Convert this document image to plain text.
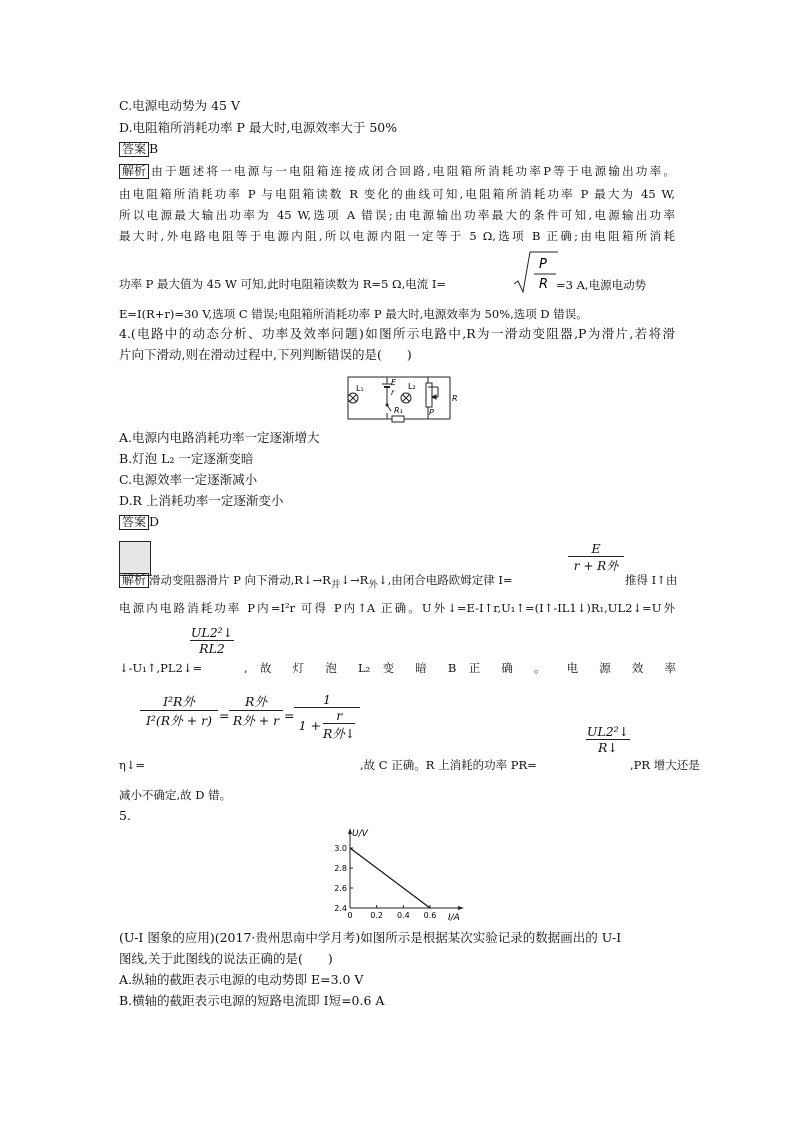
C.电源电动势为 45 V
D.电阻箱所消耗功率 P 最大时,电源效率大于 50%
答案 B
解析 由于题述将一电源与一电阻箱连接成闭合回路,电阻箱所消耗功率P等于电源输出功率。
由电阻箱所消耗功率 P 与电阻箱读数 R 变化的曲线可知,电阻箱所消耗功率 P 最大为 45 W,
所以电源最大输出功率为 45 W,选项 A 错误;由电源输出功率最大的条件可知,电源输出功率
最大时,外电路电阻等于电源内阻,所以电源内阻一定等于 5 Ω,选项 B 正确;由电阻箱所消耗
功率 P 最大值为 45 W 可知,此时电阻箱读数为 R=5 Ω,电流 I=
P
R =3 A,电源电动势
E=I(R+r)=30 V,选项 C 错误;电阻箱所消耗功率 P 最大时,电源效率为 50%,选项 D 错误。
4.(电路中的动态分析、功率及效率问题)如图所示电路中,R为一滑动变阻器,P为滑片,若将滑
片向下滑动,则在滑动过程中,下列判断错误的是(　　)
L₁
E
r
R₁
L₂
P
R
A.电源内电路消耗功率一定逐渐增大
B.灯泡 L₂ 一定逐渐变暗
C.电源效率一定逐渐减小
D.R 上消耗功率一定逐渐变小
答案 D
解析 滑动变阻器滑片 P 向下滑动$,R↓\to R_并↓\to R_外↓$,由闭合电路欧姆定律 I=
E
r + R外
推得 I↑由
电源内电路消耗功率 P内=I²r 可得 P内↑A 正确。U外↓=E-I↑r,U₁↑=(I↑-IL1↓)R₁,UL2↓=U外
↓-U₁↑,PL2↓=
$\frac{\text{UL2²↓}}{RL2}$
, 故 灯 泡 L₂ 变 暗 B 正 确 。 电 源 效 率
I²R外
I²(R外 + r) =
R外
R外 + r =
1
1 +
r
R外↓
η↓=	,故 C 正确。R 上消耗的功率 PR=
$\frac{\text{UL2²↓}}{R↓}$
,PR 增大还是
减小不确定,故 D 错。
5.
U/V
I/A
0 0.2 0.4 0.6
2.4
2.6
2.8
3.0
(U-I 图象的应用)(2017·贵州思南中学月考)如图所示是根据某次实验记录的数据画出的 U-I
图线,关于此图线的说法正确的是(　　)
A.纵轴的截距表示电源的电动势即 E=3.0 V
B.横轴的截距表示电源的短路电流即 I短=0.6 A
